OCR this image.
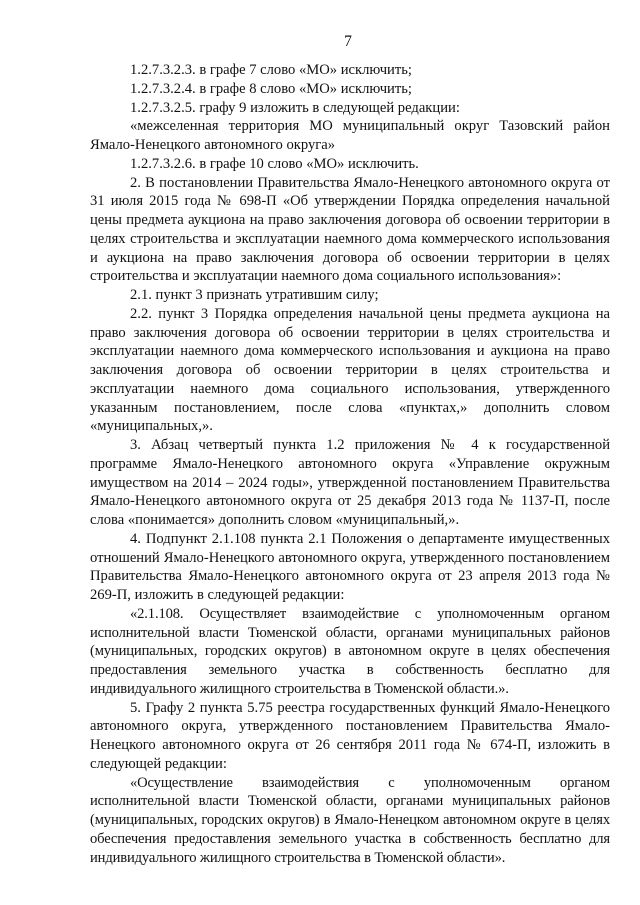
7

1.2.7.3.2.3. в графе 7 слово «МО» исключить;

1.2.7.3.2.4. в графе 8 слово «МО» исключить;

1.2.7.3.2.5. графу 9 изложить в следующей редакции:

«межселенная территория МО муниципальный округ Тазовский район Ямало-Ненецкого автономного округа»

1.2.7.3.2.6. в графе 10 слово «МО» исключить.

2. В постановлении Правительства Ямало-Ненецкого автономного округа от 31 июля 2015 года № 698-П «Об утверждении Порядка определения начальной цены предмета аукциона на право заключения договора об освоении территории в целях строительства и эксплуатации наемного дома коммерческого использования и аукциона на право заключения договора об освоении территории в целях строительства и эксплуатации наемного дома социального использования»:

2.1. пункт 3 признать утратившим силу;

2.2. пункт 3 Порядка определения начальной цены предмета аукциона на право заключения договора об освоении территории в целях строительства и эксплуатации наемного дома коммерческого использования и аукциона на право заключения договора об освоении территории в целях строительства и эксплуатации наемного дома социального использования, утвержденного указанным постановлением, после слова «пунктах,» дополнить словом «муниципальных,».

3. Абзац четвертый пункта 1.2 приложения № 4 к государственной программе Ямало-Ненецкого автономного округа «Управление окружным имуществом на 2014 – 2024 годы», утвержденной постановлением Правительства Ямало-Ненецкого автономного округа от 25 декабря 2013 года № 1137-П, после слова «понимается» дополнить словом «муниципальный,».

4. Подпункт 2.1.108 пункта 2.1 Положения о департаменте имущественных отношений Ямало-Ненецкого автономного округа, утвержденного постановлением Правительства Ямало-Ненецкого автономного округа от 23 апреля 2013 года № 269-П, изложить в следующей редакции:

«2.1.108. Осуществляет взаимодействие с уполномоченным органом исполнительной власти Тюменской области, органами муниципальных районов (муниципальных, городских округов) в автономном округе в целях обеспечения предоставления земельного участка в собственность бесплатно для индивидуального жилищного строительства в Тюменской области.».

5. Графу 2 пункта 5.75 реестра государственных функций Ямало-Ненецкого автономного округа, утвержденного постановлением Правительства Ямало-Ненецкого автономного округа от 26 сентября 2011 года № 674-П, изложить в следующей редакции:

«Осуществление взаимодействия с уполномоченным органом исполнительной власти Тюменской области, органами муниципальных районов (муниципальных, городских округов) в Ямало-Ненецком автономном округе в целях обеспечения предоставления земельного участка в собственность бесплатно для индивидуального жилищного строительства в Тюменской области».
